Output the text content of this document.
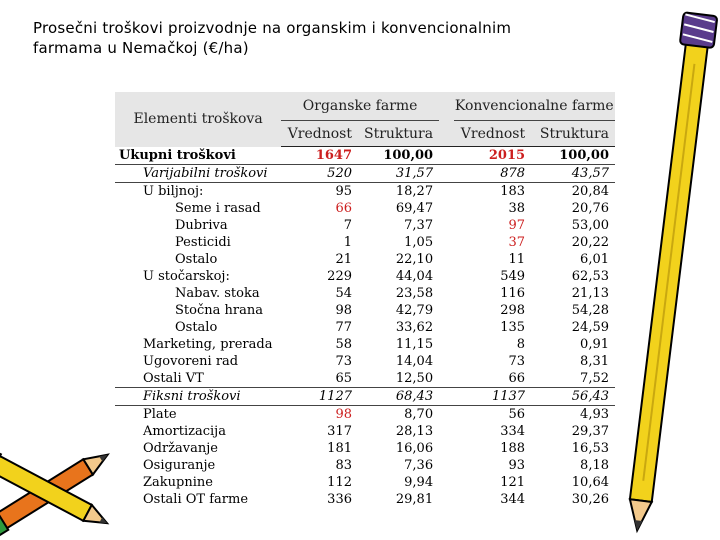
Prosečni troškovi proizvodnje na organskim i konvencionalnim
farmama u Nemačkoj (€/ha)
Elementi troškova	Organske farme			Konvencionalne farme	
	Vrednost	Struktura		Vrednost	Struktura
Ukupni troškovi	1647	100,00		2015	100,00
Varijabilni troškovi	520	31,57		878	43,57
U biljnoj:	95	18,27		183	20,84
Seme i rasad	66	69,47		38	20,76
Dubriva	7	7,37		97	53,00
Pesticidi	1	1,05		37	20,22
Ostalo	21	22,10		11	6,01
U stočarskoj:	229	44,04		549	62,53
Nabav. stoka	54	23,58		116	21,13
Stočna hrana	98	42,79		298	54,28
Ostalo	77	33,62		135	24,59
Marketing, prerada	58	11,15		8	0,91
Ugovoreni rad	73	14,04		73	8,31
Ostali VT	65	12,50		66	7,52
Fiksni troškovi	1127	68,43		1137	56,43
Plate	98	8,70		56	4,93
Amortizacija	317	28,13		334	29,37
Održavanje	181	16,06		188	16,53
Osiguranje	83	7,36		93	8,18
Zakupnine	112	9,94		121	10,64
Ostali OT farme	336	29,81		344	30,26
